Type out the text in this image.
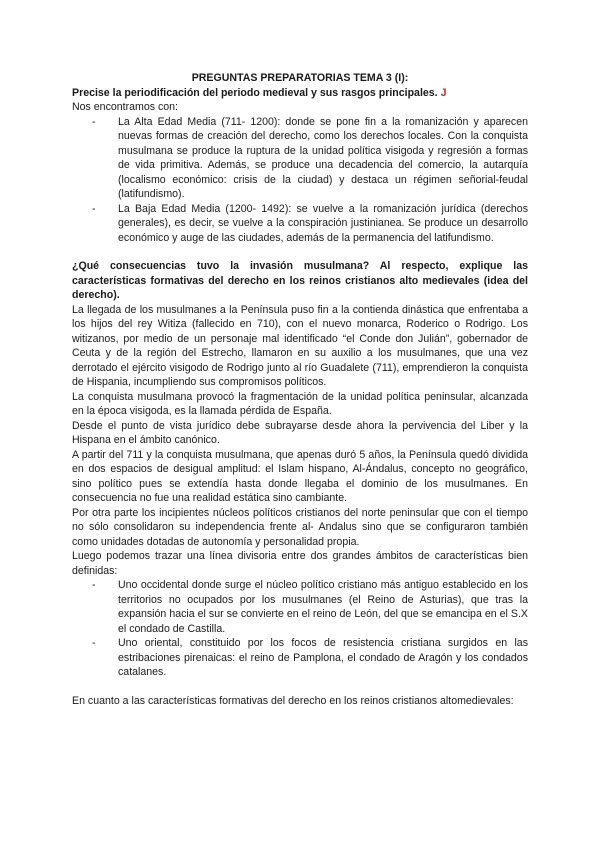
PREGUNTAS PREPARATORIAS TEMA 3 (I):

Precise la periodificación del periodo medieval y sus rasgos principales. J

Nos encontramos con:

- La Alta Edad Media (711- 1200): donde se pone fin a la romanización y aparecen nuevas formas de creación del derecho, como los derechos locales. Con la conquista musulmana se produce la ruptura de la unidad política visigoda y regresión a formas de vida primitiva. Además, se produce una decadencia del comercio, la autarquía (localismo económico: crisis de la ciudad) y destaca un régimen señorial-feudal (latifundismo).
- La Baja Edad Media (1200- 1492): se vuelve a la romanización jurídica (derechos generales), es decir, se vuelve a la conspiración justinianea. Se produce un desarrollo económico y auge de las ciudades, además de la permanencia del latifundismo.

¿Qué consecuencias tuvo la invasión musulmana? Al respecto, explique las características formativas del derecho en los reinos cristianos alto medievales (idea del derecho).

La llegada de los musulmanes a la Península puso fin a la contienda dinástica que enfrentaba a los hijos del rey Witiza (fallecido en 710), con el nuevo monarca, Roderico o Rodrigo. Los witizanos, por medio de un personaje mal identificado “el Conde don Julián”, gobernador de Ceuta y de la región del Estrecho, llamaron en su auxilio a los musulmanes, que una vez derrotado el ejército visigodo de Rodrigo junto al río Guadalete (711), emprendieron la conquista de Hispania, incumpliendo sus compromisos políticos.

La conquista musulmana provocó la fragmentación de la unidad política peninsular, alcanzada en la época visigoda, es la llamada pérdida de España.

Desde el punto de vista jurídico debe subrayarse desde ahora la pervivencia del Liber y la Hispana en el ámbito canónico.

A partir del 711 y la conquista musulmana, que apenas duró 5 años, la Península quedó dividida en dos espacios de desigual amplitud: el Islam hispano, Al-Ándalus, concepto no geográfico, sino político pues se extendía hasta donde llegaba el dominio de los musulmanes. En consecuencia no fue una realidad estática sino cambiante.

Por otra parte los incipientes núcleos políticos cristianos del norte peninsular que con el tiempo no sólo consolidaron su independencia frente al- Andalus sino que se configuraron también como unidades dotadas de autonomía y personalidad propia.

Luego podemos trazar una línea divisoria entre dos grandes ámbitos de características bien definidas:

- Uno occidental donde surge el núcleo político cristiano más antiguo establecido en los territorios no ocupados por los musulmanes (el Reino de Asturias), que tras la expansión hacia el sur se convierte en el reino de León, del que se emancipa en el S.X el condado de Castilla.
- Uno oriental, constituido por los focos de resistencia cristiana surgidos en las estribaciones pirenaicas: el reino de Pamplona, el condado de Aragón y los condados catalanes.

En cuanto a las características formativas del derecho en los reinos cristianos altomedievales:
